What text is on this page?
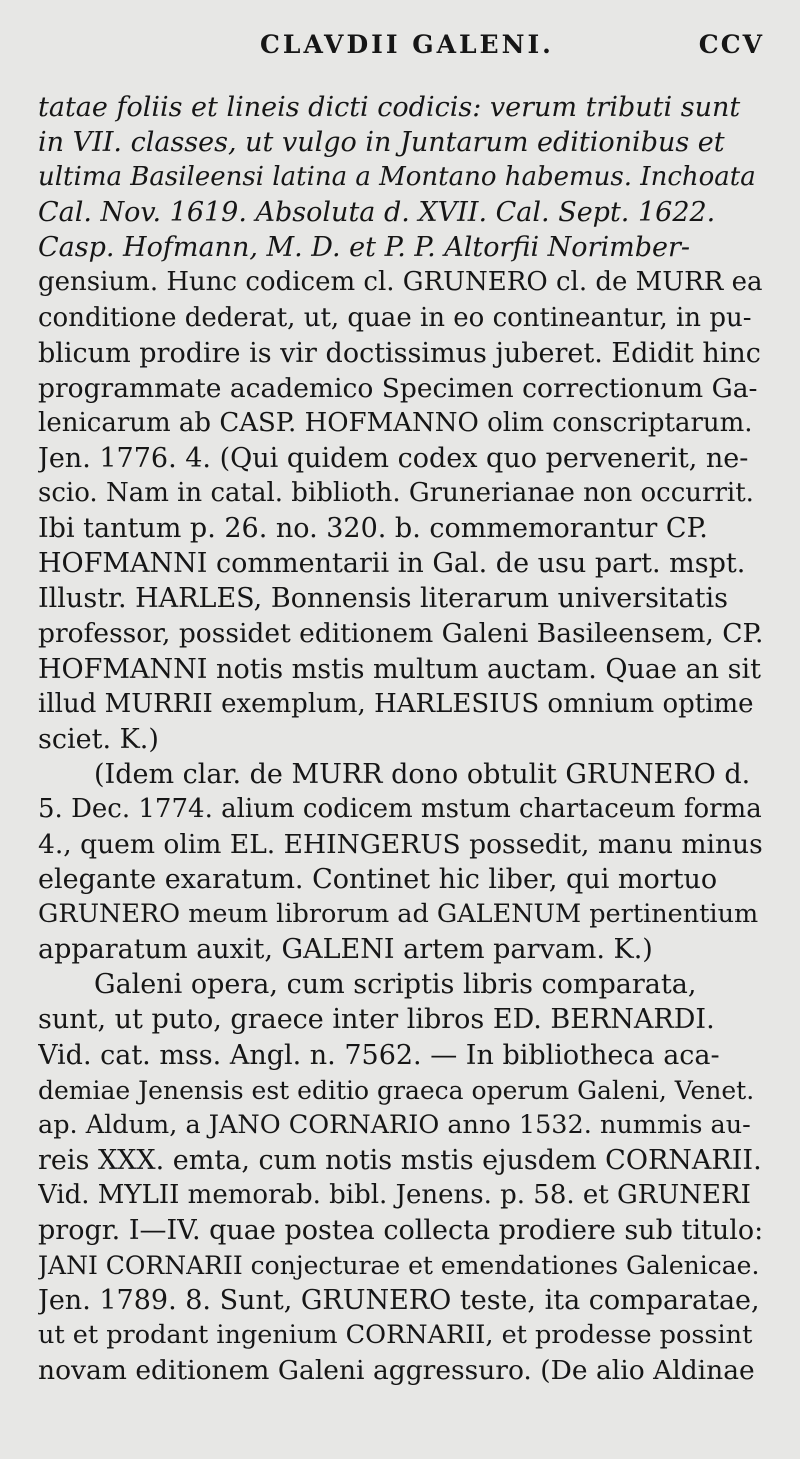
CLAVDII GALENI.	CCV
tatae foliis et lineis dicti codicis: verum tributi sunt
in VII. classes, ut vulgo in Juntarum editionibus et
ultima Basileensi latina a Montano habemus. Inchoata
Cal. Nov. 1619. Absoluta d. XVII. Cal. Sept. 1622.
Casp. Hofmann, M. D. et P. P. Altorfii Norimber-
gensium. Hunc codicem cl. GRUNERO cl. de MURR ea
conditione dederat, ut, quae in eo contineantur, in pu-
blicum prodire is vir doctissimus juberet. Edidit hinc
programmate academico Specimen correctionum Ga-
lenicarum ab CASP. HOFMANNO olim conscriptarum.
Jen. 1776. 4. (Qui quidem codex quo pervenerit, ne-
scio. Nam in catal. biblioth. Grunerianae non occurrit.
Ibi tantum p. 26. no. 320. b. commemorantur CP.
HOFMANNI commentarii in Gal. de usu part. mspt.
Illustr. HARLES, Bonnensis literarum universitatis
professor, possidet editionem Galeni Basileensem, CP.
HOFMANNI notis mstis multum auctam. Quae an sit
illud MURRII exemplum, HARLESIUS omnium optime
sciet. K.)
(Idem clar. de MURR dono obtulit GRUNERO d.
5. Dec. 1774. alium codicem mstum chartaceum forma
4., quem olim EL. EHINGERUS possedit, manu minus
elegante exaratum. Continet hic liber, qui mortuo
GRUNERO meum librorum ad GALENUM pertinentium
apparatum auxit, GALENI artem parvam. K.)
Galeni opera, cum scriptis libris comparata,
sunt, ut puto, graece inter libros ED. BERNARDI.
Vid. cat. mss. Angl. n. 7562. — In bibliotheca aca-
demiae Jenensis est editio graeca operum Galeni, Venet.
ap. Aldum, a JANO CORNARIO anno 1532. nummis au-
reis XXX. emta, cum notis mstis ejusdem CORNARII.
Vid. MYLII memorab. bibl. Jenens. p. 58. et GRUNERI
progr. I—IV. quae postea collecta prodiere sub titulo:
JANI CORNARII conjecturae et emendationes Galenicae.
Jen. 1789. 8. Sunt, GRUNERO teste, ita comparatae,
ut et prodant ingenium CORNARII, et prodesse possint
novam editionem Galeni aggressuro. (De alio Aldinae
